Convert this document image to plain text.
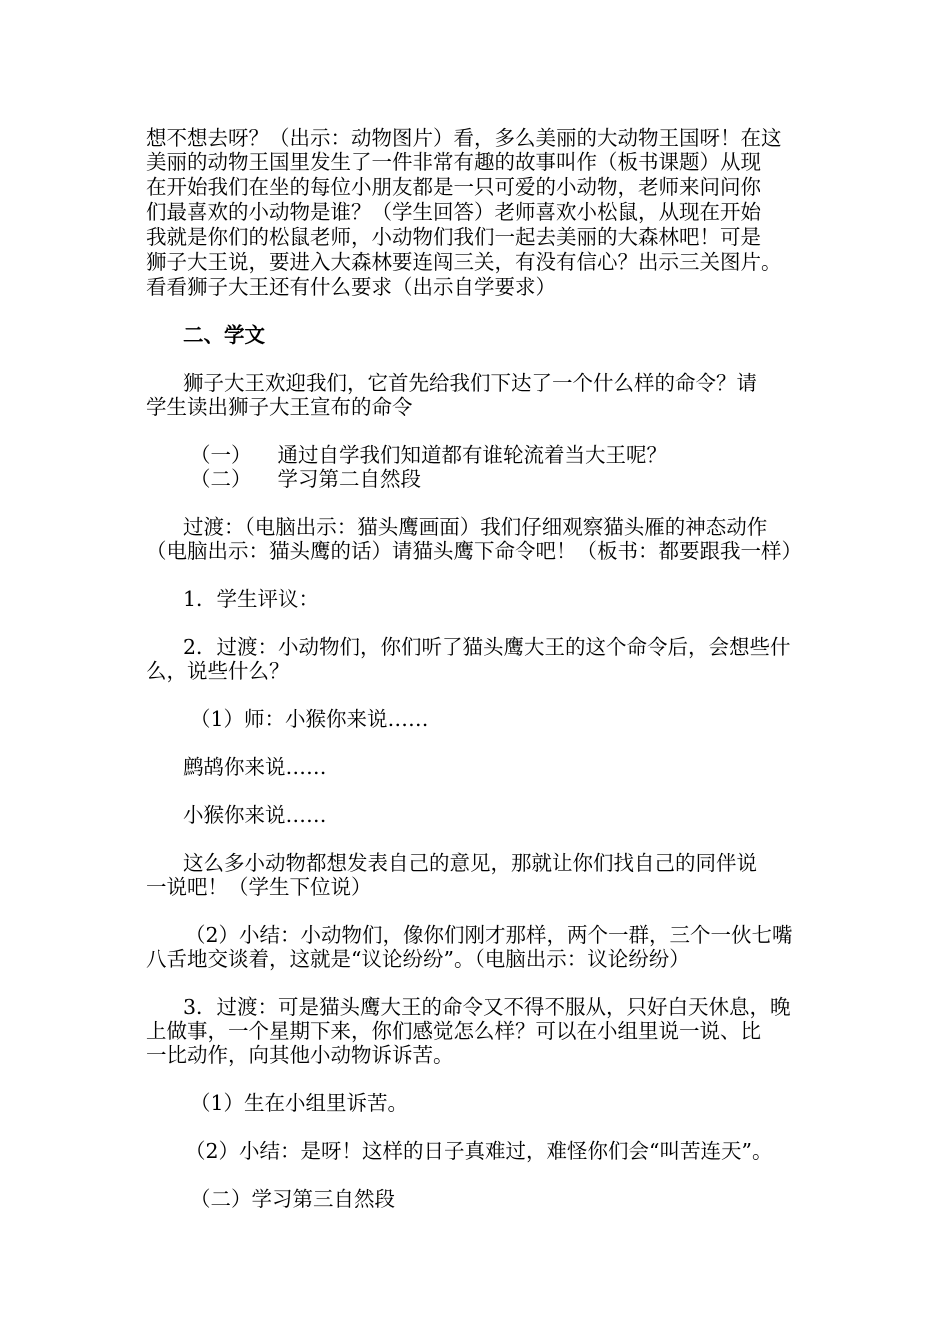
想不想去呀？（出示：动物图片）看，多么美丽的大动物王国呀！在这
美丽的动物王国里发生了一件非常有趣的故事叫作（板书课题）从现
在开始我们在坐的每位小朋友都是一只可爱的小动物，老师来问问你
们最喜欢的小动物是谁？（学生回答）老师喜欢小松鼠，从现在开始
我就是你们的松鼠老师，小动物们我们一起去美丽的大森林吧！可是
狮子大王说，要进入大森林要连闯三关，有没有信心？出示三关图片。
看看狮子大王还有什么要求（出示自学要求）
二、学文
狮子大王欢迎我们，它首先给我们下达了一个什么样的命令？请
学生读出狮子大王宣布的命令
（一） 通过自学我们知道都有谁轮流着当大王呢？
（二） 学习第二自然段
过渡：（电脑出示：猫头鹰画面）我们仔细观察猫头雁的神态动作
（电脑出示：猫头鹰的话）请猫头鹰下命令吧！（板书：都要跟我一样）
1．学生评议：
2．过渡：小动物们，你们听了猫头鹰大王的这个命令后，会想些什
么，说些什么？
（1）师：小猴你来说……
鹧鸪你来说……
小猴你来说……
这么多小动物都想发表自己的意见，那就让你们找自己的同伴说
一说吧！（学生下位说）
（2）小结：小动物们，像你们刚才那样，两个一群，三个一伙七嘴
八舌地交谈着，这就是“议论纷纷”。（电脑出示：议论纷纷）
3．过渡：可是猫头鹰大王的命令又不得不服从，只好白天休息，晚
上做事，一个星期下来，你们感觉怎么样？可以在小组里说一说、比
一比动作，向其他小动物诉诉苦。
（1）生在小组里诉苦。
（2）小结：是呀！这样的日子真难过，难怪你们会“叫苦连天”。
（二）学习第三自然段
